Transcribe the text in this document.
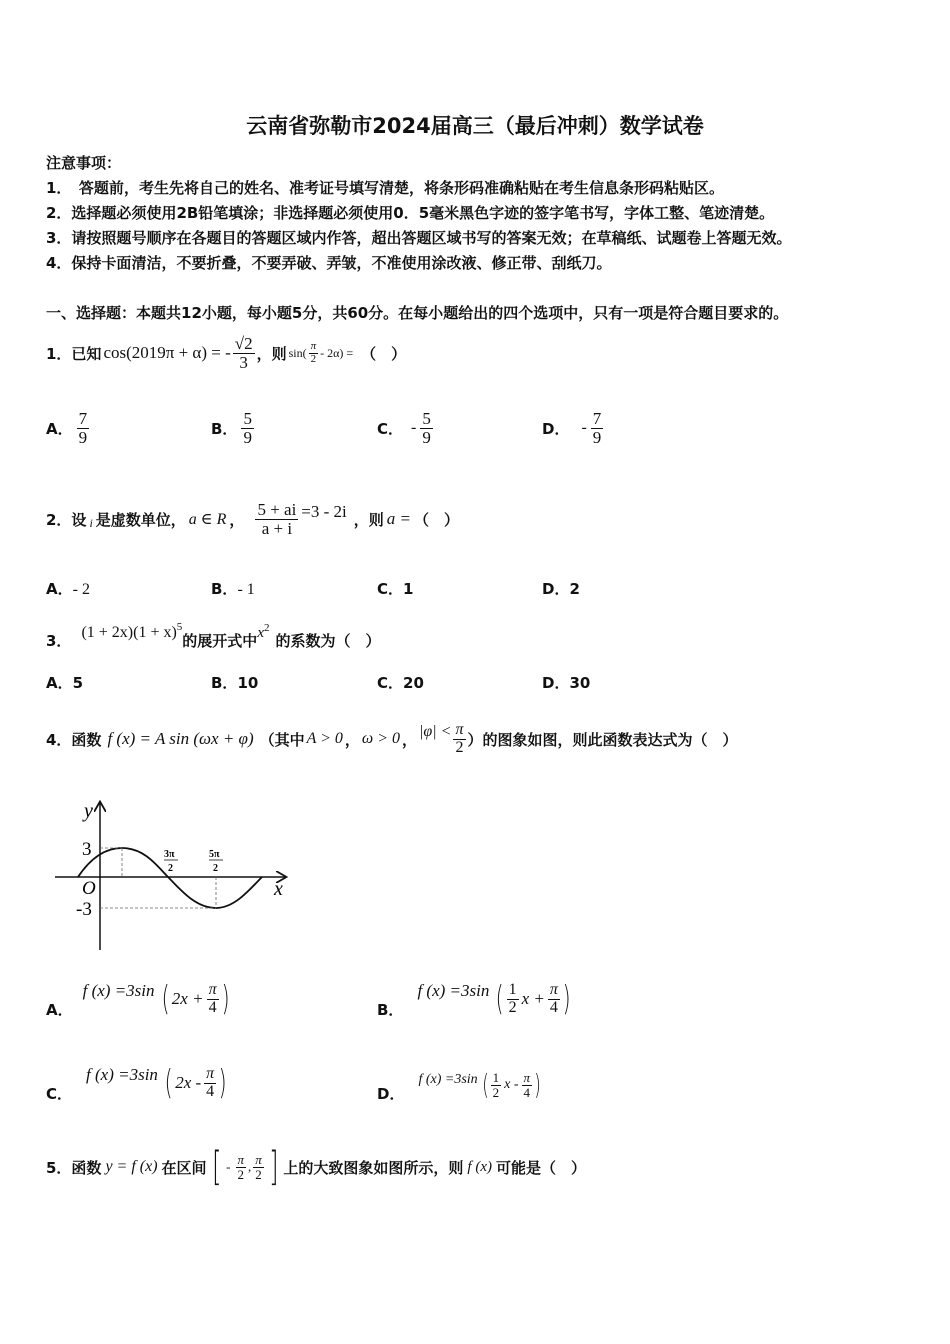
云南省弥勒市2024届高三（最后冲刺）数学试卷
注意事项：
1．　答题前，考生先将自己的姓名、准考证号填写清楚，将条形码准确粘贴在考生信息条形码粘贴区。
2．选择题必须使用2B铅笔填涂；非选择题必须使用0．5毫米黑色字迹的签字笔书写，字体工整、笔迹清楚。
3．请按照题号顺序在各题目的答题区域内作答，超出答题区域书写的答案无效；在草稿纸、试题卷上答题无效。
4．保持卡面清洁，不要折叠，不要弄破、弄皱，不准使用涂改液、修正带、刮纸刀。
一、选择题：本题共12小题，每小题5分，共60分。在每小题给出的四个选项中，只有一项是符合题目要求的。
1．已知 cos(2019π + α) = - $\frac{√2}{3}$ ，则 $\sin( \frac{\pi}{2} - 2\alpha)$ = （　）
A． $\frac{7}{9}$	B． $\frac{5}{9}$	C． - $\frac{5}{9}$	D． - $\frac{7}{9}$
2．设 i 是虚数单位， a ∈ R ， $\frac{5 + ai}{a + i} =3 - 2i$ ，则 a = （　）
A．- 2	B．- 1	C．1	D．2
3． (1 + 2x)(1 + x) 5
的展开式中 x 2
的系数为（　）
A．5	B．10	C．20	D．30
4．函数 f (x) = A sin (ωx + φ) （其中 A > 0 ， ω > 0 ， $|\varphi| < \frac{\pi}{2}$ ）的图象如图，则此函数表达式为（　）
y
x
O
3
-3
3π
2
5π
2
A．
f (x) =3sin ( $2x + \frac{\pi}{4}$ )	B．
f (x) =3sin ( $\frac{1}{2}$ $x + \frac{\pi}{4}$ )
C．
f (x) =3sin ( $2x - \frac{\pi}{4}$ )	D．
f (x) =3sin ( $\frac{1}{2}$ x - $\frac{\pi}{4}$ )
5．函数 y = f (x) 在区间 [ - $\frac{\pi}{2}$ , $\frac{\pi}{2}$ ] 上的大致图象如图所示，则 f (x) 可能是（　）
